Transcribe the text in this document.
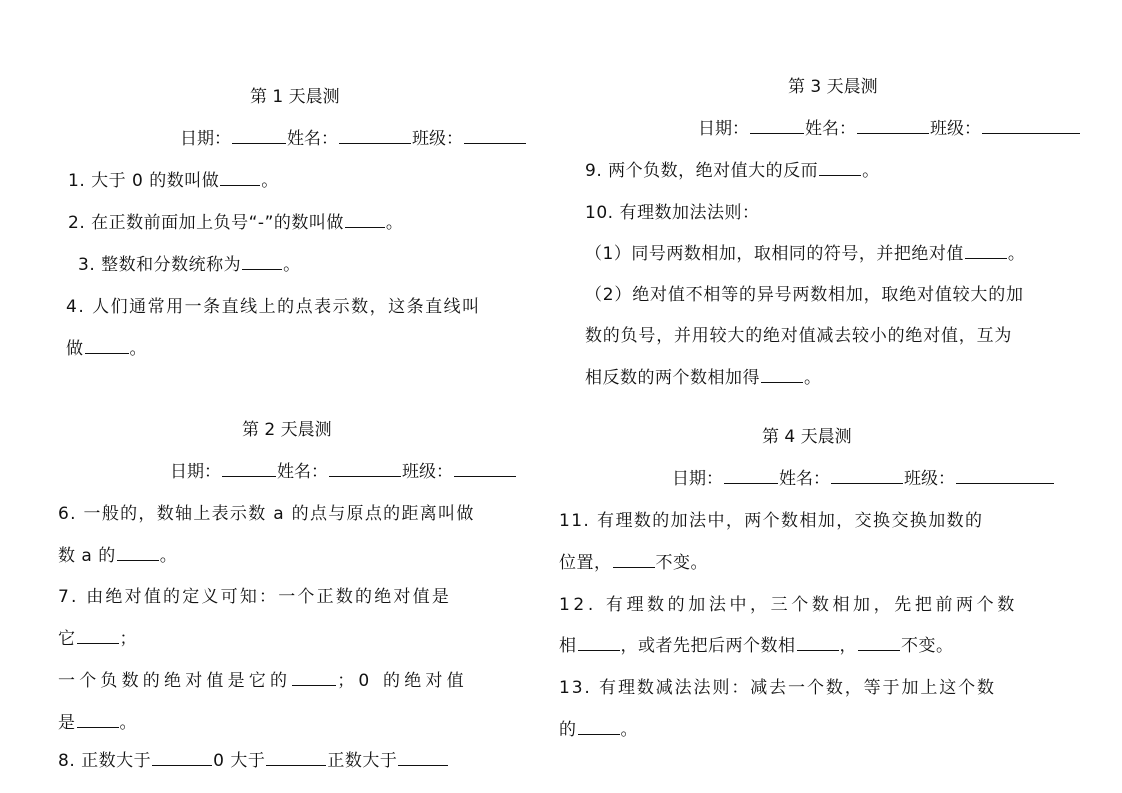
第 1 天晨测
日期：	姓名：	班级：
1. 大于 0 的数叫做 。
2. 在正数前面加上负号“-”的数叫做 。
3. 整数和分数统称为 。
4. 人们通常用一条直线上的点表示数，这条直线叫
做	。
第 2 天晨测
日期：	姓名：	班级：
6. 一般的，数轴上表示数 a 的点与原点的距离叫做
数 a 的	。
7. 由绝对值的定义可知：一个正数的绝对值是
它	；
一个负数的绝对值是它的	；0 的绝对值
是	。
8. 正数大于	0 大于	正数大于
第 3 天晨测
日期：	姓名：	班级：
9. 两个负数，绝对值大的反而	。
10. 有理数加法法则：
（1）同号两数相加，取相同的符号，并把绝对值	。
（2）绝对值不相等的异号两数相加，取绝对值较大的加
数的负号，并用较大的绝对值减去较小的绝对值，互为
相反数的两个数相加得	。
第 4 天晨测
日期：	姓名：	班级：
11. 有理数的加法中，两个数相加，交换交换加数的
位置，	不变。
12. 有理数的加法中，三个数相加，先把前两个数
相	，或者先把后两个数相	，	不变。
13. 有理数减法法则：减去一个数，等于加上这个数
的	。
